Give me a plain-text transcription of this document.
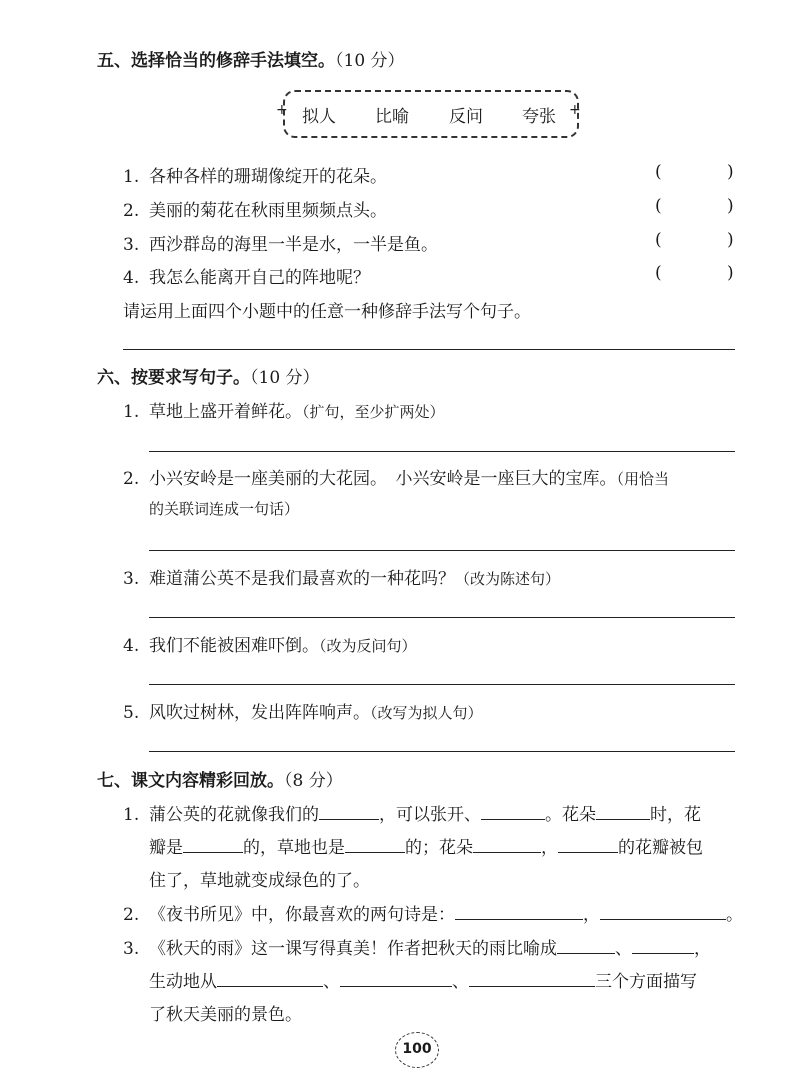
五、选择恰当的修辞手法填空。（10 分）
+	+
拟人 比喻 反问 夸张
1. 各种各样的珊瑚像绽开的花朵。
2. 美丽的菊花在秋雨里频频点头。
3. 西沙群岛的海里一半是水，一半是鱼。
4. 我怎么能离开自己的阵地呢？
(	)
(	)
(	)
(	)
请运用上面四个小题中的任意一种修辞手法写个句子。
六、按要求写句子。（10 分）
1. 草地上盛开着鲜花。（扩句，至少扩两处）
2. 小兴安岭是一座美丽的大花园。　小兴安岭是一座巨大的宝库。（用恰当
的关联词连成一句话）
3. 难道蒲公英不是我们最喜欢的一种花吗？（改为陈述句）
4. 我们不能被困难吓倒。（改为反问句）
5. 风吹过树林，发出阵阵响声。（改写为拟人句）
七、课文内容精彩回放。（8 分）
1. 蒲公英的花就像我们的	，可以张开、	。花朵	时，花
瓣是	的，草地也是	的；花朵	，	的花瓣被包
住了，草地就变成绿色的了。
2. 《夜书所见》中，你最喜欢的两句诗是：	，	。
3. 《秋天的雨》这一课写得真美！作者把秋天的雨比喻成	、	，
生动地从	、	、	三个方面描写
了秋天美丽的景色。
100
